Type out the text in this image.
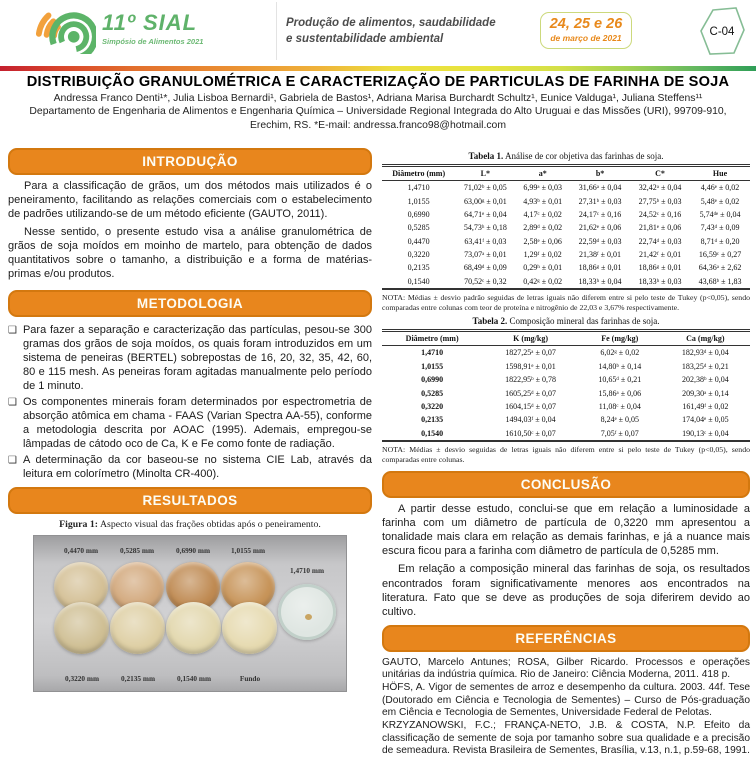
11º SIAL
Simpósio de Alimentos 2021
Produção de alimentos, saudabilidade
e sustentabilidade ambiental
24, 25 e 26
de março de 2021
C-04
DISTRIBUIÇÃO GRANULOMÉTRICA E CARACTERIZAÇÃO DE PARTICULAS DE FARINHA DE SOJA

Andressa Franco Denti¹*, Julia Lisboa Bernardi¹, Gabriela de Bastos¹, Adriana Marisa Burchardt Schultz¹, Eunice Valduga¹, Juliana Steffens¹¹

Departamento de Engenharia de Alimentos e Engenharia Química – Universidade Regional Integrada do Alto Uruguai e das Missões (URI), 99709-910, Erechim, RS. *E-mail: andressa.franco98@hotmail.com

INTRODUÇÃO

Para a classificação de grãos, um dos métodos mais utilizados é o peneiramento, facilitando as relações comerciais com o estabelecimento de padrões utilizando-se de um método eficiente (GAUTO, 2011).

Nesse sentido, o presente estudo visa a análise granulométrica de grãos de soja moídos em moinho de martelo, para obtenção de dados quantitativos sobre o tamanho, a distribuição e a forma de matérias-primas e/ou produtos.

METODOLOGIA
❑ Para fazer a separação e caracterização das partículas, pesou-se 300 gramas dos grãos de soja moídos, os quais foram introduzidos em um sistema de peneiras (BERTEL) sobrepostas de 16, 20, 32, 35, 42, 60, 80 e 115 mesh. As peneiras foram agitadas manualmente pelo período de 1 minuto.
❑ Os componentes minerais foram determinados por espectrometria de absorção atômica em chama - FAAS (Varian Spectra AA-55), conforme a metodologia descrita por AOAC (1995). Ademais, empregou-se lâmpadas de cátodo oco de Ca, K e Fe como fonte de radiação.
❑ A determinação da cor baseou-se no sistema CIE Lab, através da leitura em colorímetro (Minolta CR-400).
RESULTADOS

Figura 1: Aspecto visual das frações obtidas após o peneiramento.

0,4470 mm	0,5285 mm	0,6990 mm	1,0155 mm
0,3220 mm	0,2135 mm	0,1540 mm	Fundo
1,4710 mm

Tabela 1. Análise de cor objetiva das farinhas de soja.

Diâmetro (mm)	L*	a*	b*	C*	Hue
1,4710	71,02ᵇ ± 0,05	6,99ᵃ ± 0,03	31,66ᵃ ± 0,04	32,42ᵃ ± 0,04	4,46ᵉ ± 0,02
1,0155	63,00ᵍ ± 0,01	4,93ᵇ ± 0,01	27,31ᵇ ± 0,03	27,75ᵇ ± 0,03	5,48ᵉ ± 0,02
0,6990	64,71ᵉ ± 0,04	4,17ᶜ ± 0,02	24,17ᶜ ± 0,16	24,52ᶜ ± 0,16	5,74ᵈᵉ ± 0,04
0,5285	54,73ʰ ± 0,18	2,89ᵈ ± 0,02	21,62ᵉ ± 0,06	21,81ᵉ ± 0,06	7,43ᵈ ± 0,09
0,4470	63,41ᶠ ± 0,03	2,58ᵉ ± 0,06	22,59ᵈ ± 0,03	22,74ᵈ ± 0,03	8,71ᵈ ± 0,20
0,3220	73,07ᵃ ± 0,01	1,29ᶠ ± 0,02	21,38ᶠ ± 0,01	21,42ᶠ ± 0,01	16,59ᶜ ± 0,27
0,2135	68,49ᵈ ± 0,09	0,29ʰ ± 0,01	18,86ᵍ ± 0,01	18,86ᵍ ± 0,01	64,36ᵃ ± 2,62
0,1540	70,52ᶜ ± 0,32	0,42ᵍ ± 0,02	18,33ʰ ± 0,04	18,33ʰ ± 0,03	43,68ᵇ ± 1,83

NOTA: Médias ± desvio padrão seguidas de letras iguais não diferem entre si pelo teste de Tukey (p<0,05), sendo comparadas entre colunas com teor de proteína e nitrogênio de 22,03 e 3,67% respectivamente.

Tabela 2. Composição mineral das farinhas de soja.

Diâmetro (mm)	K (mg/kg)	Fe (mg/kg)	Ca (mg/kg)
1,4710	1827,25ᵃ ± 0,07	6,02ᵍ ± 0,02	182,93ᵈ ± 0,04
1,0155	1598,91ᵉ ± 0,01	14,80ᵇ ± 0,14	183,25ᵈ ± 0,21
0,6990	1822,95ᵇ ± 0,78	10,65ᵈ ± 0,21	202,38ᵇ ± 0,04
0,5285	1605,25ᵈ ± 0,07	15,86ᵃ ± 0,06	209,30ᵃ ± 0,14
0,3220	1604,15ᵈ ± 0,07	11,08ᶜ ± 0,04	161,49ᶠ ± 0,02
0,2135	1494,03ᶠ ± 0,04	8,24ᵉ ± 0,05	174,04ᵉ ± 0,05
0,1540	1610,50ᶜ ± 0,07	7,05ᶠ ± 0,07	190,13ᶜ ± 0,04

NOTA: Médias ± desvio seguidas de letras iguais não diferem entre si pelo teste de Tukey (p<0,05), sendo comparadas entre colunas.

CONCLUSÃO

A partir desse estudo, conclui-se que em relação a luminosidade a farinha com um diâmetro de partícula de 0,3220 mm apresentou a tonalidade mais clara em relação as demais farinhas, e já a nuance mais escura ficou para a farinha com diâmetro de partícula de 0,5285 mm.

Em relação a composição mineral das farinhas de soja, os resultados encontrados foram significativamente menores aos encontrados na literatura. Fato que se deve as produções de soja diferirem devido ao cultivo.

REFERÊNCIAS

GAUTO, Marcelo Antunes; ROSA, Gilber Ricardo. Processos e operações unitárias da indústria química. Rio de Janeiro: Ciência Moderna, 2011. 418 p.

HÖFS, A. Vigor de sementes de arroz e desempenho da cultura. 2003. 44f. Tese (Doutorado em Ciência e Tecnologia de Sementes) – Curso de Pós-graduação em Ciência e Tecnologia de Sementes, Universidade Federal de Pelotas.

KRZYZANOWSKI, F.C.; FRANÇA-NETO, J.B. & COSTA, N.P. Efeito da classificação de semente de soja por tamanho sobre sua qualidade e a precisão de semeadura. Revista Brasileira de Sementes, Brasília, v.13, n.1, p.59-68, 1991.
